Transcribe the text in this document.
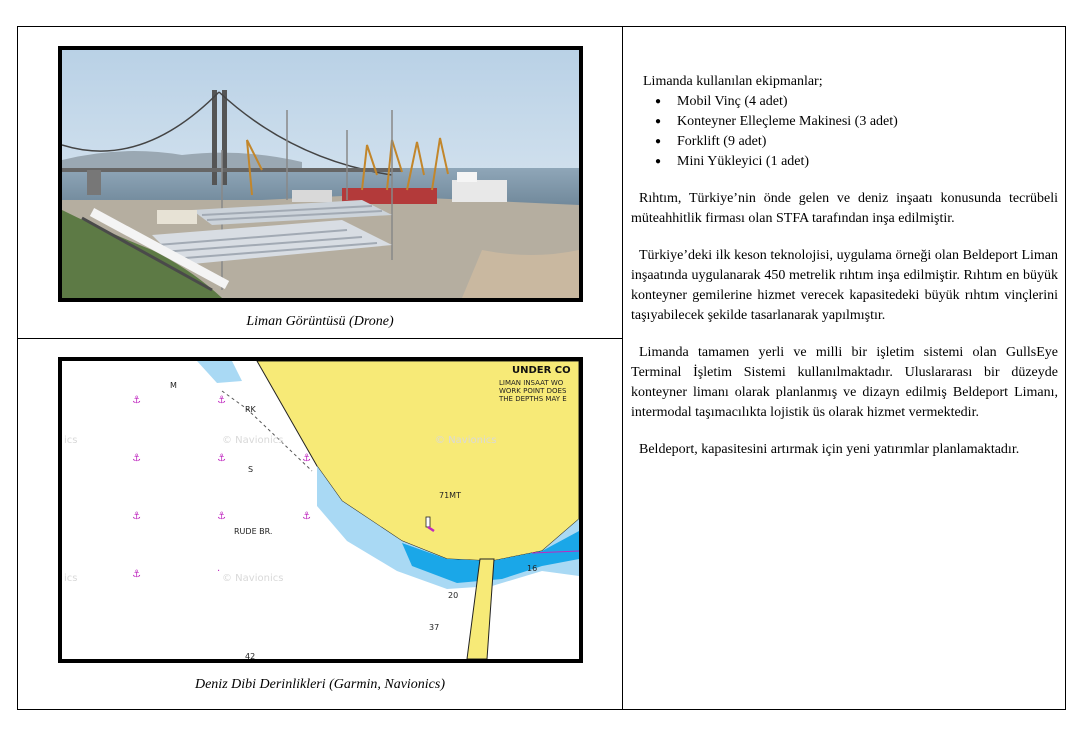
Liman Görüntüsü (Drone)
⚓	⚓
⚓	⚓	⚓
⚓	⚓	⚓
⚓	·
ics	© Navionics	© Navionics
ics	© Navionics
M
RK
S
RUDE BR.
71MT
16
20
37
42
UNDER CO
LIMAN INSAAT WO
WORK POINT DOES
THE DEPTHS MAY E
Deniz Dibi Derinlikleri (Garmin, Navionics)

Limanda kullanılan ekipmanlar;

● Mobil Vinç (4 adet)
● Konteyner Elleçleme Makinesi (3 adet)
● Forklift (9 adet)
● Mini Yükleyici (1 adet)

Rıhtım, Türkiye’nin önde gelen ve deniz inşaatı konusunda tecrübeli müteahhitlik firması olan STFA tarafından inşa edilmiştir.

Türkiye’deki ilk keson teknolojisi, uygulama örneği olan Beldeport Liman inşaatında uygulanarak 450 metrelik rıhtım inşa edilmiştir. Rıhtım en büyük konteyner gemilerine hizmet verecek kapasitedeki büyük rıhtım vinçlerini taşıyabilecek şekilde tasarlanarak yapılmıştır.

Limanda tamamen yerli ve milli bir işletim sistemi olan GullsEye Terminal İşletim Sistemi kullanılmaktadır. Uluslararası bir düzeyde konteyner limanı olarak planlanmış ve dizayn edilmiş Beldeport Limanı, intermodal taşımacılıkta lojistik üs olarak hizmet vermektedir.

Beldeport, kapasitesini artırmak için yeni yatırımlar planlamaktadır.
